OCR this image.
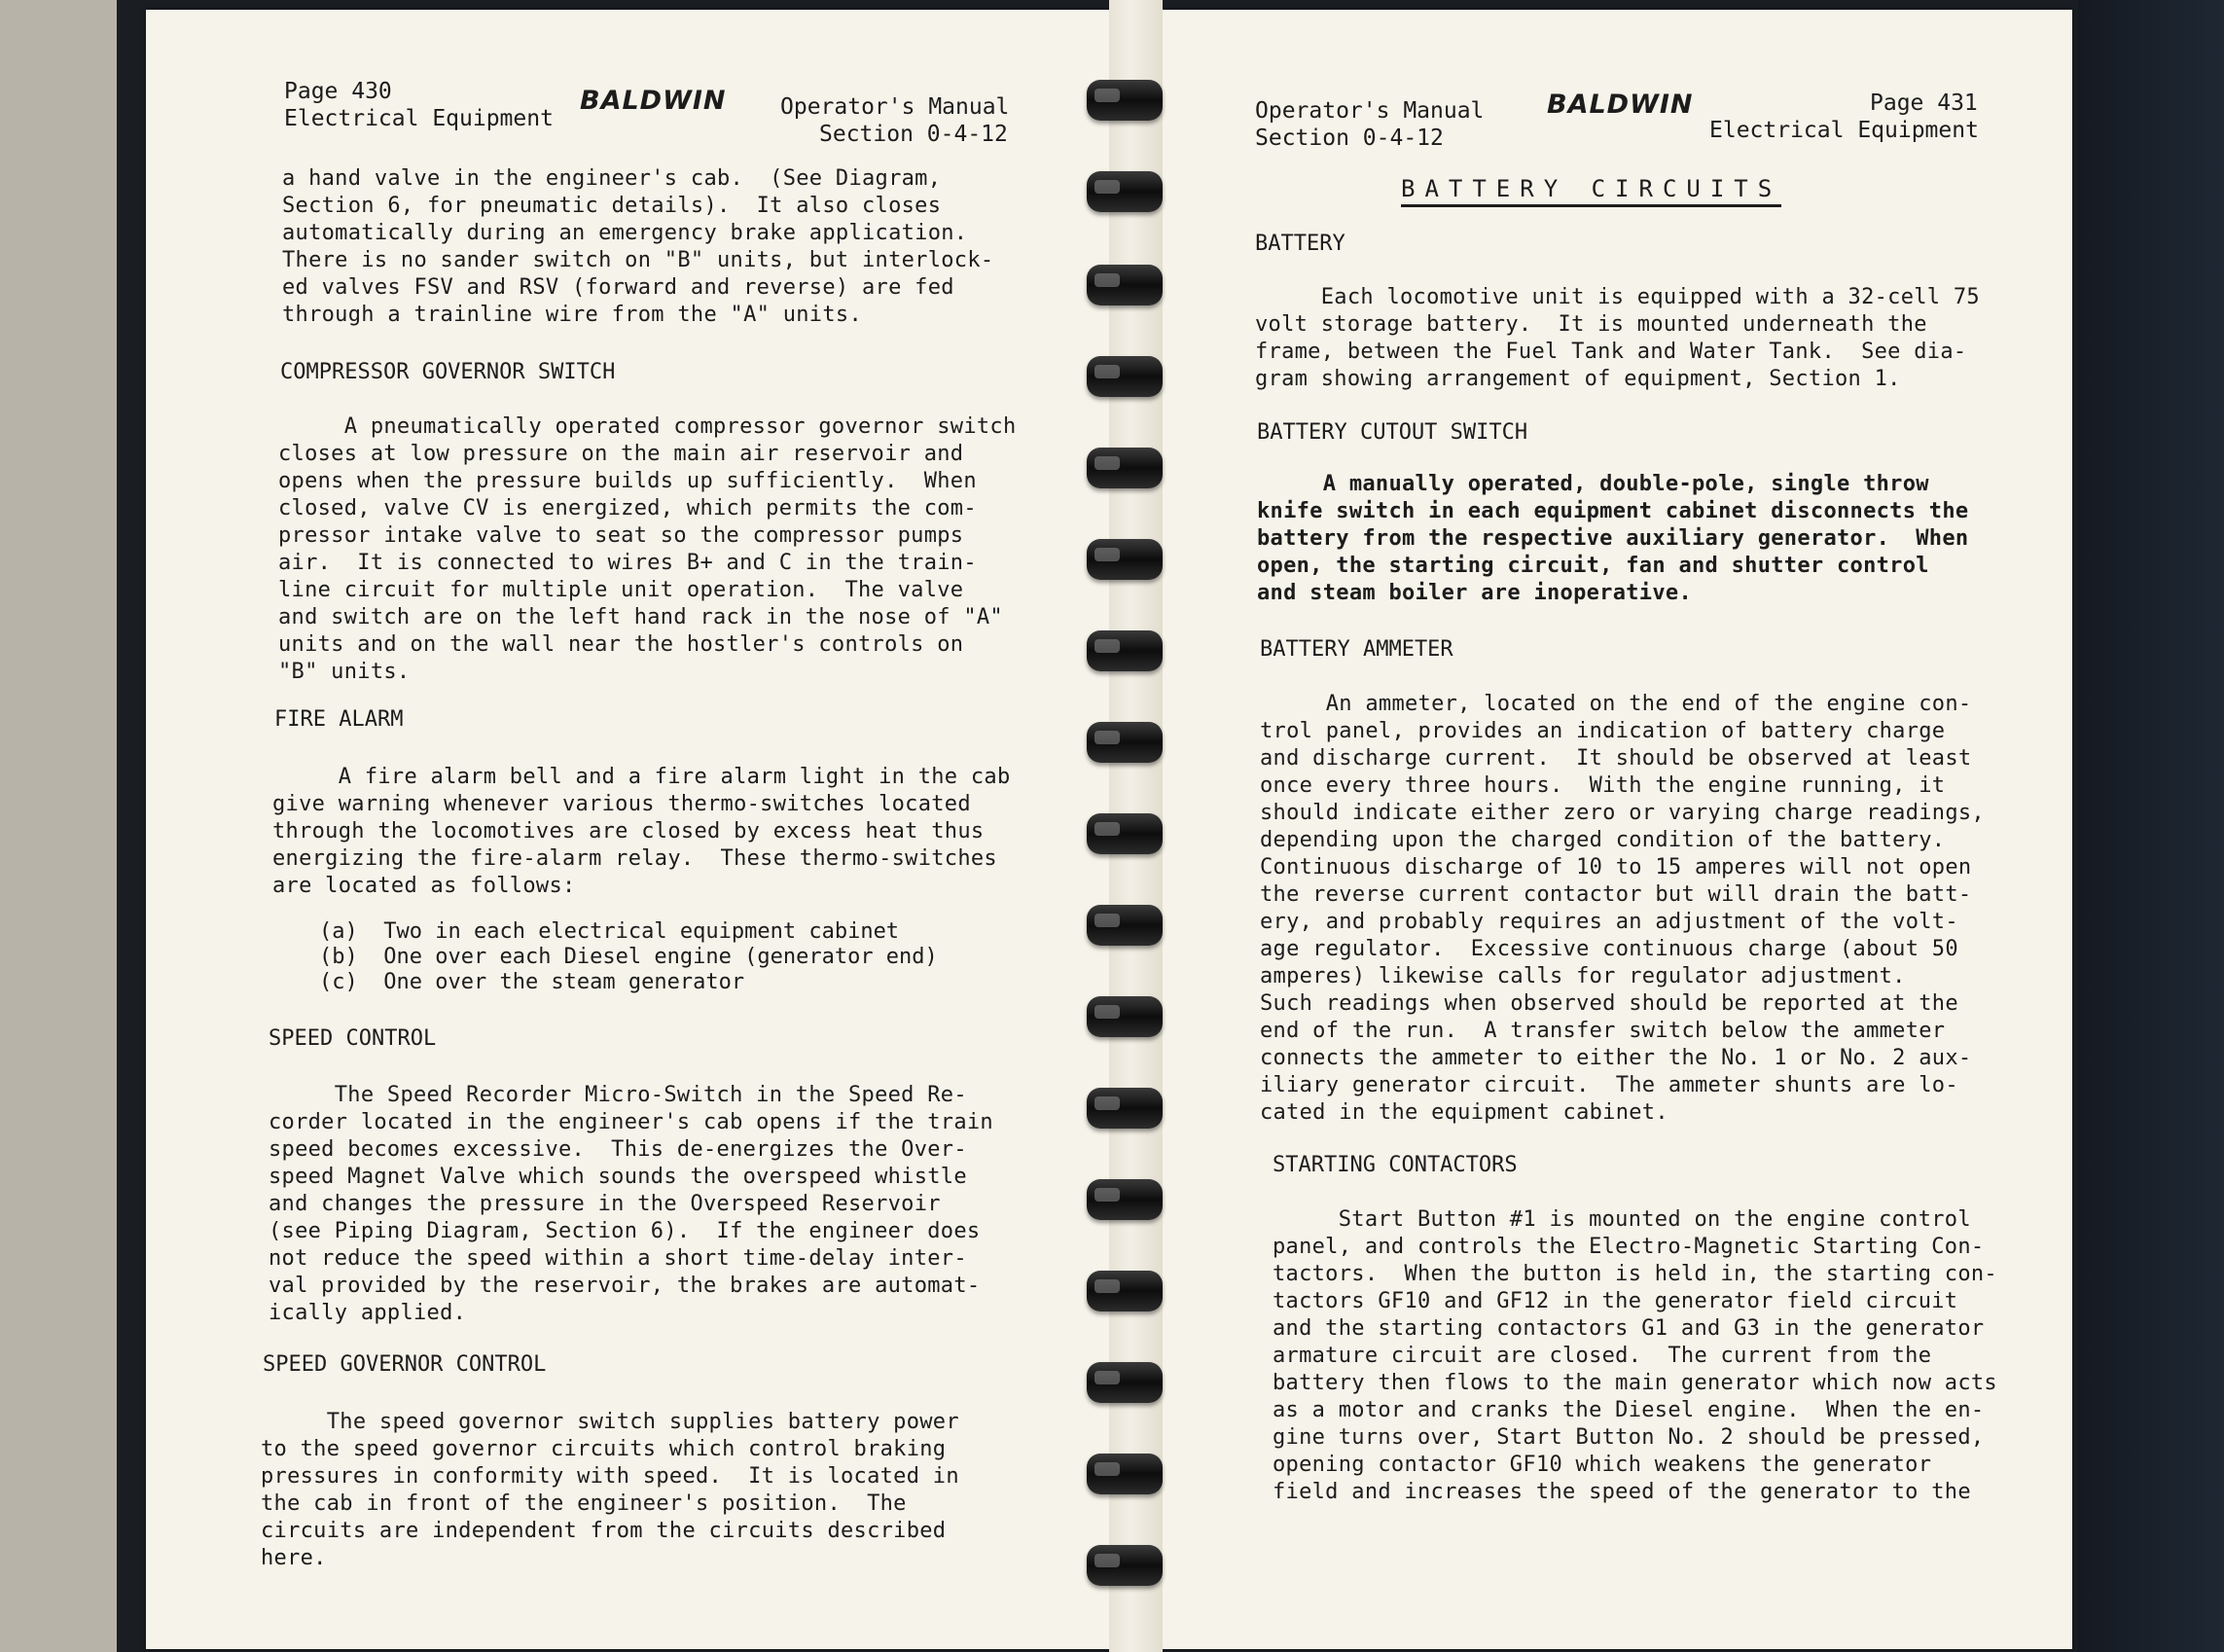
Page 430
Electrical Equipment
BALDWIN Operator's Manual
Section 0-4-12
a hand valve in the engineer's cab.  (See Diagram,
Section 6, for pneumatic details).  It also closes
automatically during an emergency brake application.
There is no sander switch on "B" units, but interlock-
ed valves FSV and RSV (forward and reverse) are fed
through a trainline wire from the "A" units.
COMPRESSOR GOVERNOR SWITCH
A pneumatically operated compressor governor switch
closes at low pressure on the main air reservoir and
opens when the pressure builds up sufficiently.  When
closed, valve CV is energized, which permits the com-
pressor intake valve to seat so the compressor pumps
air.  It is connected to wires B+ and C in the train-
line circuit for multiple unit operation.  The valve
and switch are on the left hand rack in the nose of "A"
units and on the wall near the hostler's controls on
"B" units.
FIRE ALARM
A fire alarm bell and a fire alarm light in the cab
give warning whenever various thermo-switches located
through the locomotives are closed by excess heat thus
energizing the fire-alarm relay.  These thermo-switches
are located as follows:
(a) Two in each electrical equipment cabinet
(b) One over each Diesel engine (generator end)
(c) One over the steam generator
SPEED CONTROL
The Speed Recorder Micro-Switch in the Speed Re-
corder located in the engineer's cab opens if the train
speed becomes excessive.  This de-energizes the Over-
speed Magnet Valve which sounds the overspeed whistle
and changes the pressure in the Overspeed Reservoir
(see Piping Diagram, Section 6).  If the engineer does
not reduce the speed within a short time-delay inter-
val provided by the reservoir, the brakes are automat-
ically applied.
SPEED GOVERNOR CONTROL
The speed governor switch supplies battery power
to the speed governor circuits which control braking
pressures in conformity with speed.  It is located in
the cab in front of the engineer's position.  The
circuits are independent from the circuits described
here.
Operator's Manual
Section 0-4-12
BALDWIN	Page 431
Electrical Equipment
BATTERY CIRCUITS
BATTERY
Each locomotive unit is equipped with a 32-cell 75
volt storage battery.  It is mounted underneath the
frame, between the Fuel Tank and Water Tank.  See dia-
gram showing arrangement of equipment, Section 1.
BATTERY CUTOUT SWITCH
A manually operated, double-pole, single throw
knife switch in each equipment cabinet disconnects the
battery from the respective auxiliary generator.  When
open, the starting circuit, fan and shutter control
and steam boiler are inoperative.
BATTERY AMMETER
An ammeter, located on the end of the engine con-
trol panel, provides an indication of battery charge
and discharge current.  It should be observed at least
once every three hours.  With the engine running, it
should indicate either zero or varying charge readings,
depending upon the charged condition of the battery.
Continuous discharge of 10 to 15 amperes will not open
the reverse current contactor but will drain the batt-
ery, and probably requires an adjustment of the volt-
age regulator.  Excessive continuous charge (about 50
amperes) likewise calls for regulator adjustment.
Such readings when observed should be reported at the
end of the run.  A transfer switch below the ammeter
connects the ammeter to either the No. 1 or No. 2 aux-
iliary generator circuit.  The ammeter shunts are lo-
cated in the equipment cabinet.
STARTING CONTACTORS
Start Button #1 is mounted on the engine control
panel, and controls the Electro-Magnetic Starting Con-
tactors.  When the button is held in, the starting con-
tactors GF10 and GF12 in the generator field circuit
and the starting contactors G1 and G3 in the generator
armature circuit are closed.  The current from the
battery then flows to the main generator which now acts
as a motor and cranks the Diesel engine.  When the en-
gine turns over, Start Button No. 2 should be pressed,
opening contactor GF10 which weakens the generator
field and increases the speed of the generator to the
